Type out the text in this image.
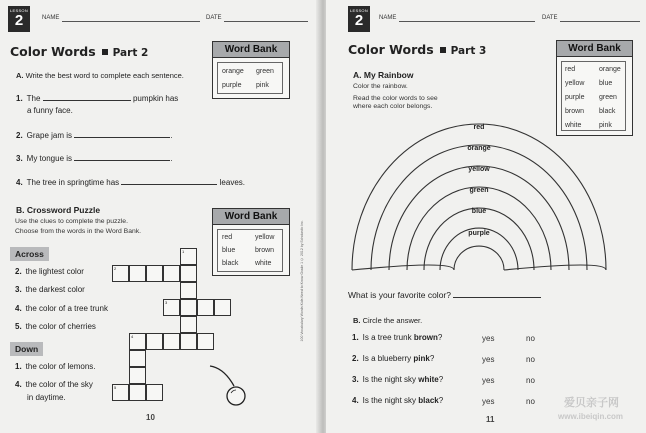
LESSON
2	NAME	DATE
Color Words Part 2
A. Write the best word to complete each sentence.
1. The	pumpkin has
a funny face.
2. Grape jam is	.
3. My tongue is	.
4. The tree in springtime has	leaves.
Word Bank
orange green
purple pink
B. Crossword Puzzle
Use the clues to complete the puzzle.
Choose from the words in the Word Bank.
Word Bank
red	yellow
blue	brown
black white
Across
2. the lightest color
3. the darkest color
4. the color of a tree trunk
5. the color of cherries
Down
1. the color of lemons.
4. the color of the sky
in daytime.
1
2
3
4
5
10
100 Vocabulary Words Kids Need to Know Grade 1 © 2012 by Scholastic Inc.
LESSON
2	NAME	DATE
Color Words Part 3
A. My Rainbow
Color the rainbow.
Read the color words to see
where each color belongs.
Word Bank
red	orange
yellow blue
purple green
brown black
white	pink
red
orange
yellow
green
blue
purple
What is your favorite color?
B. Circle the answer.
1. Is a tree trunk brown?	yes	no
2. Is a blueberry pink?	yes	no
3. Is the night sky white?	yes	no
4. Is the night sky black?	yes	no
11
爱贝亲子网
www.ibeiqin.com
